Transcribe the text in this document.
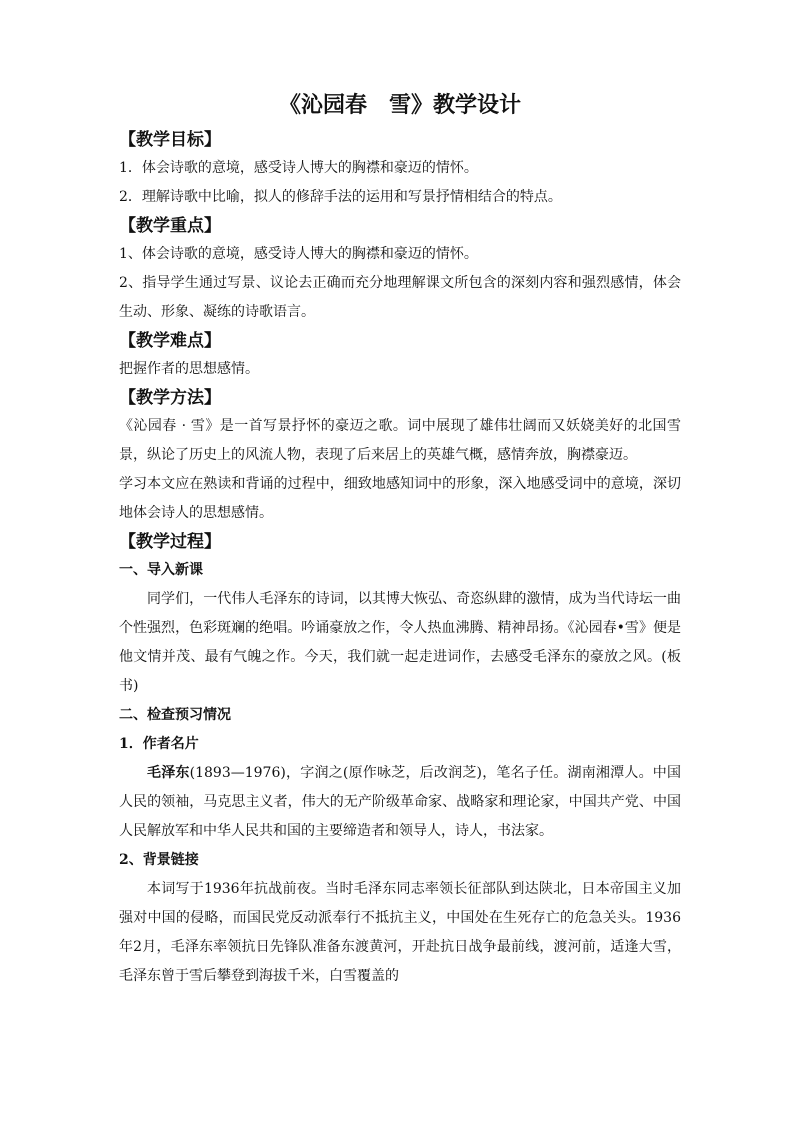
《沁园春　雪》教学设计
【教学目标】

1．体会诗歌的意境，感受诗人博大的胸襟和豪迈的情怀。

2．理解诗歌中比喻，拟人的修辞手法的运用和写景抒情相结合的特点。

【教学重点】

1、体会诗歌的意境，感受诗人博大的胸襟和豪迈的情怀。

2、指导学生通过写景、议论去正确而充分地理解课文所包含的深刻内容和强烈感情，体会生动、形象、凝练的诗歌语言。

【教学难点】

把握作者的思想感情。

【教学方法】

《沁园春 · 雪》是一首写景抒怀的豪迈之歌。词中展现了雄伟壮阔而又妖娆美好的北国雪景，纵论了历史上的风流人物，表现了后来居上的英雄气概，感情奔放，胸襟豪迈。

学习本文应在熟读和背诵的过程中，细致地感知词中的形象，深入地感受词中的意境，深切地体会诗人的思想感情。

【教学过程】

一、导入新课

同学们，一代伟人毛泽东的诗词，以其博大恢弘、奇恣纵肆的激情，成为当代诗坛一曲个性强烈，色彩斑斓的绝唱。吟诵豪放之作，令人热血沸腾、精神昂扬。《沁园春•雪》便是他文情并茂、最有气魄之作。今天，我们就一起走进词作，去感受毛泽东的豪放之风。(板书)

二、检查预习情况

1．作者名片

毛泽东(1893—1976)，字润之(原作咏芝，后改润芝)，笔名子任。湖南湘潭人。中国人民的领袖，马克思主义者，伟大的无产阶级革命家、战略家和理论家，中国共产党、中国人民解放军和中华人民共和国的主要缔造者和领导人，诗人，书法家。

2、背景链接

本词写于1936年抗战前夜。当时毛泽东同志率领长征部队到达陕北，日本帝国主义加强对中国的侵略，而国民党反动派奉行不抵抗主义，中国处在生死存亡的危急关头。1936年2月，毛泽东率领抗日先锋队准备东渡黄河，开赴抗日战争最前线，渡河前，适逢大雪，毛泽东曾于雪后攀登到海拔千米，白雪覆盖的
